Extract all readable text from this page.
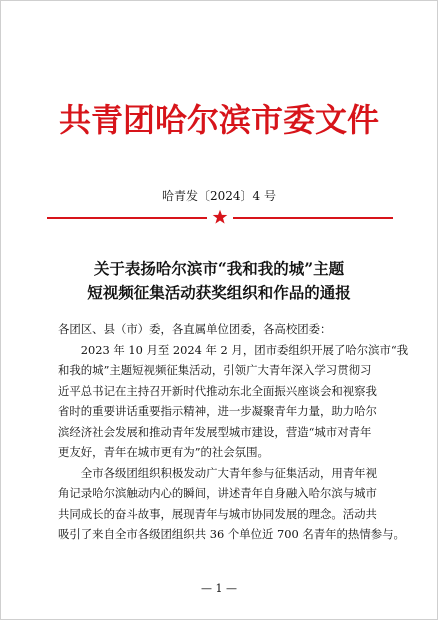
共青团哈尔滨市委文件
哈青发〔2024〕4 号
关于表扬哈尔滨市“我和我的城”主题
短视频征集活动获奖组织和作品的通报

各团区、县（市）委，各直属单位团委，各高校团委：

2023 年 10 月至 2024 年 2 月，团市委组织开展了哈尔滨市“我
和我的城”主题短视频征集活动，引领广大青年深入学习贯彻习
近平总书记在主持召开新时代推动东北全面振兴座谈会和视察我
省时的重要讲话重要指示精神，进一步凝聚青年力量，助力哈尔
滨经济社会发展和推动青年发展型城市建设，营造“城市对青年
更友好，青年在城市更有为”的社会氛围。

全市各级团组织积极发动广大青年参与征集活动，用青年视
角记录哈尔滨触动内心的瞬间，讲述青年自身融入哈尔滨与城市
共同成长的奋斗故事，展现青年与城市协同发展的理念。活动共
吸引了来自全市各级团组织共 36 个单位近 700 名青年的热情参与。

— 1 —
